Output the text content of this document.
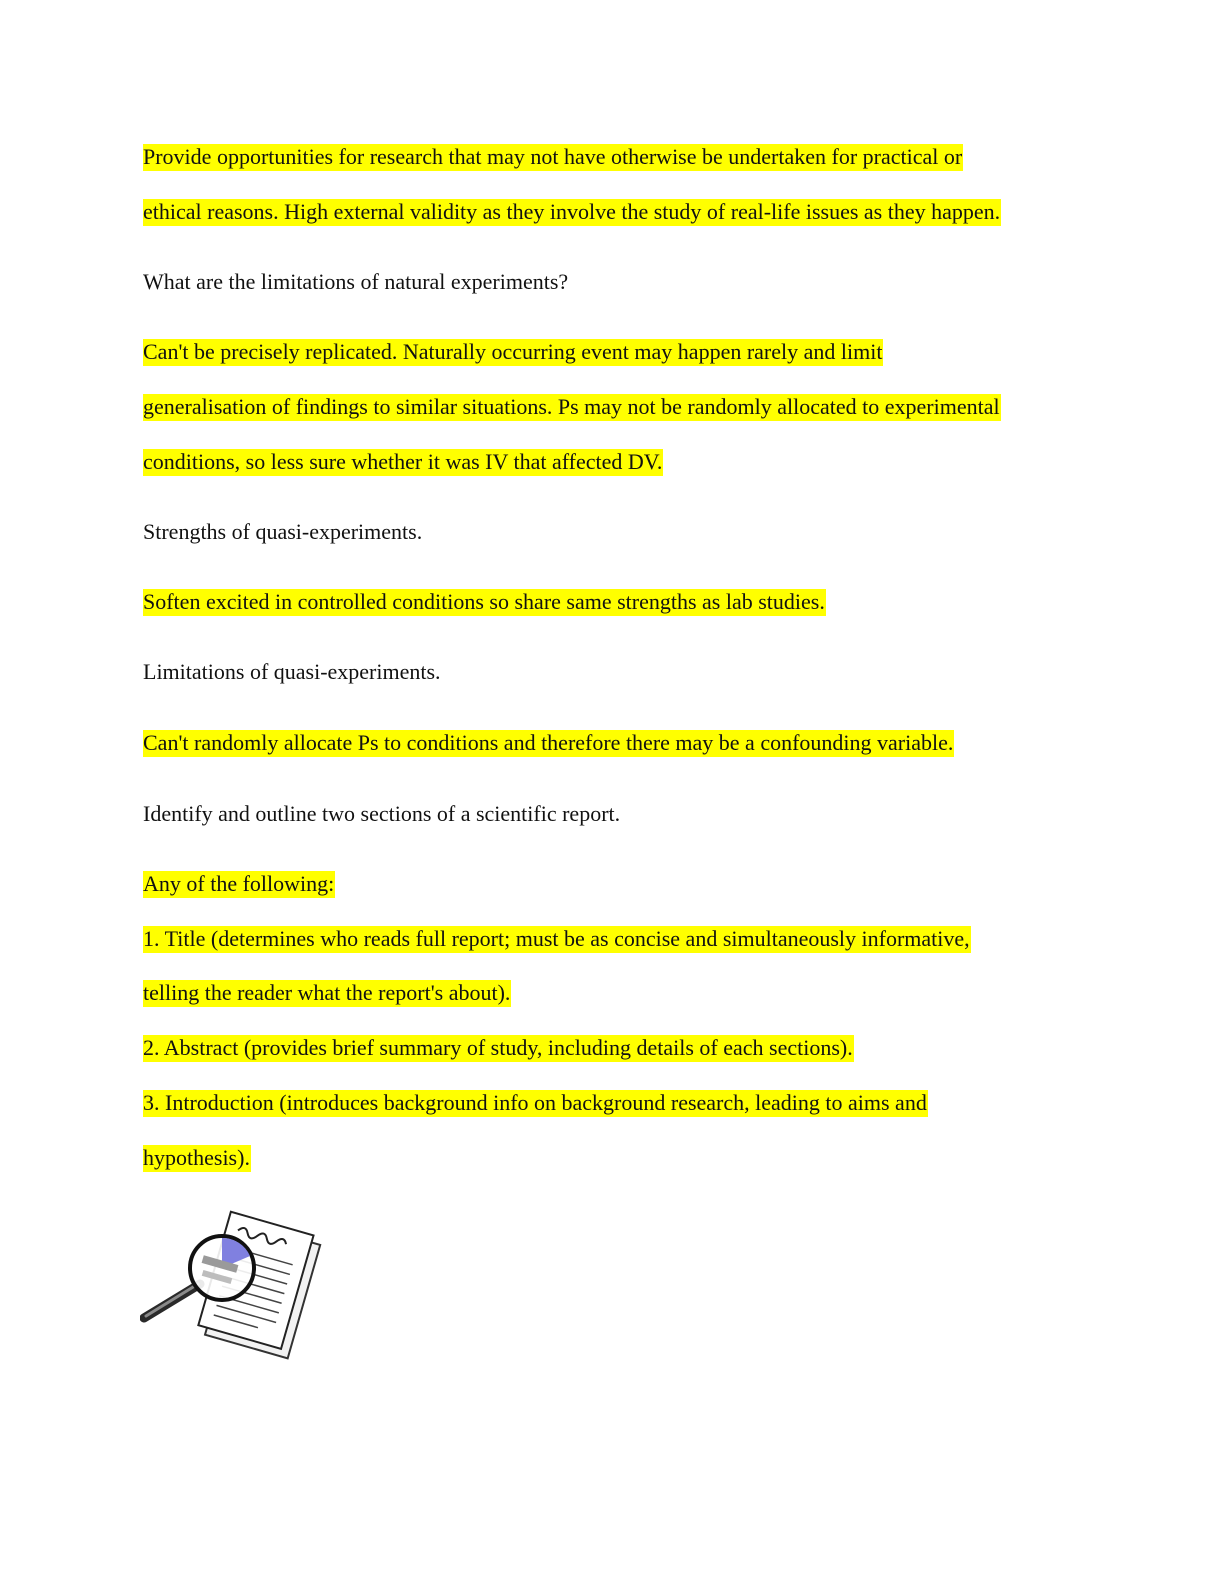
Provide opportunities for research that may not have otherwise be undertaken for practical or

ethical reasons. High external validity as they involve the study of real-life issues as they happen.

What are the limitations of natural experiments?

Can't be precisely replicated. Naturally occurring event may happen rarely and limit

generalisation of findings to similar situations. Ps may not be randomly allocated to experimental

conditions, so less sure whether it was IV that affected DV.

Strengths of quasi-experiments.

Soften excited in controlled conditions so share same strengths as lab studies.

Limitations of quasi-experiments.

Can't randomly allocate Ps to conditions and therefore there may be a confounding variable.

Identify and outline two sections of a scientific report.

Any of the following:

1. Title (determines who reads full report; must be as concise and simultaneously informative,

telling the reader what the report's about).

2. Abstract (provides brief summary of study, including details of each sections).

3. Introduction (introduces background info on background research, leading to aims and

hypothesis).
